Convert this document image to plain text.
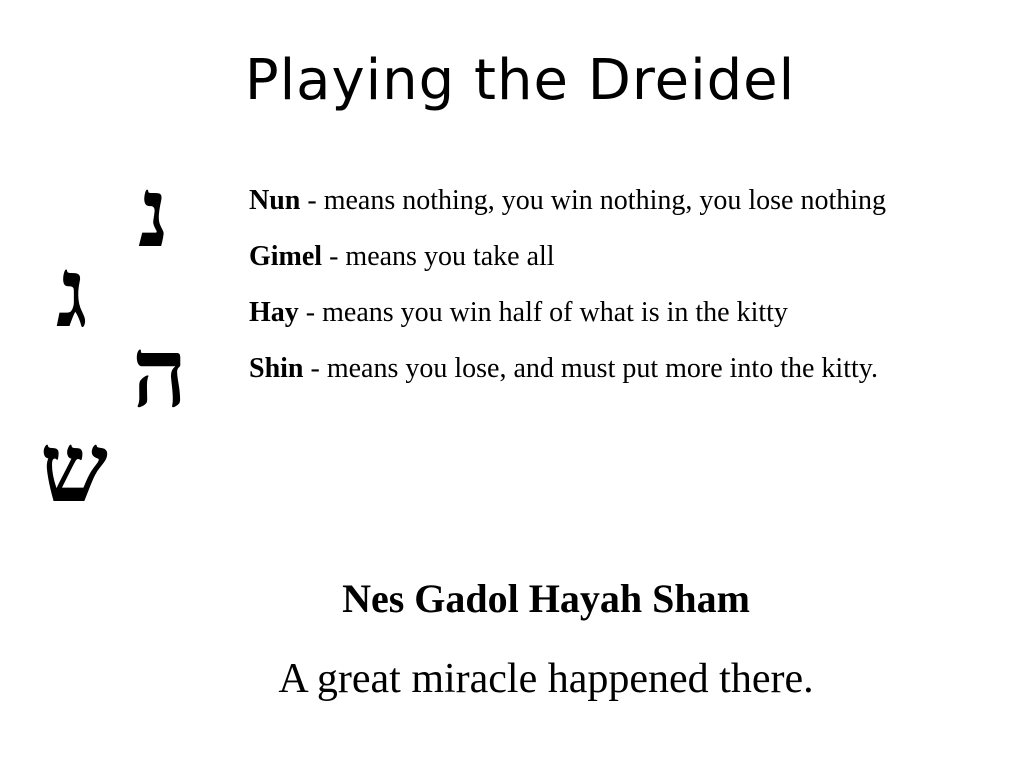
Playing the Dreidel
נ
ג
ה
ש

Nun - means nothing, you win nothing, you lose nothing

Gimel - means you take all

Hay - means you win half of what is in the kitty

Shin - means you lose, and must put more into the kitty.

Nes Gadol Hayah Sham
A great miracle happened there.
